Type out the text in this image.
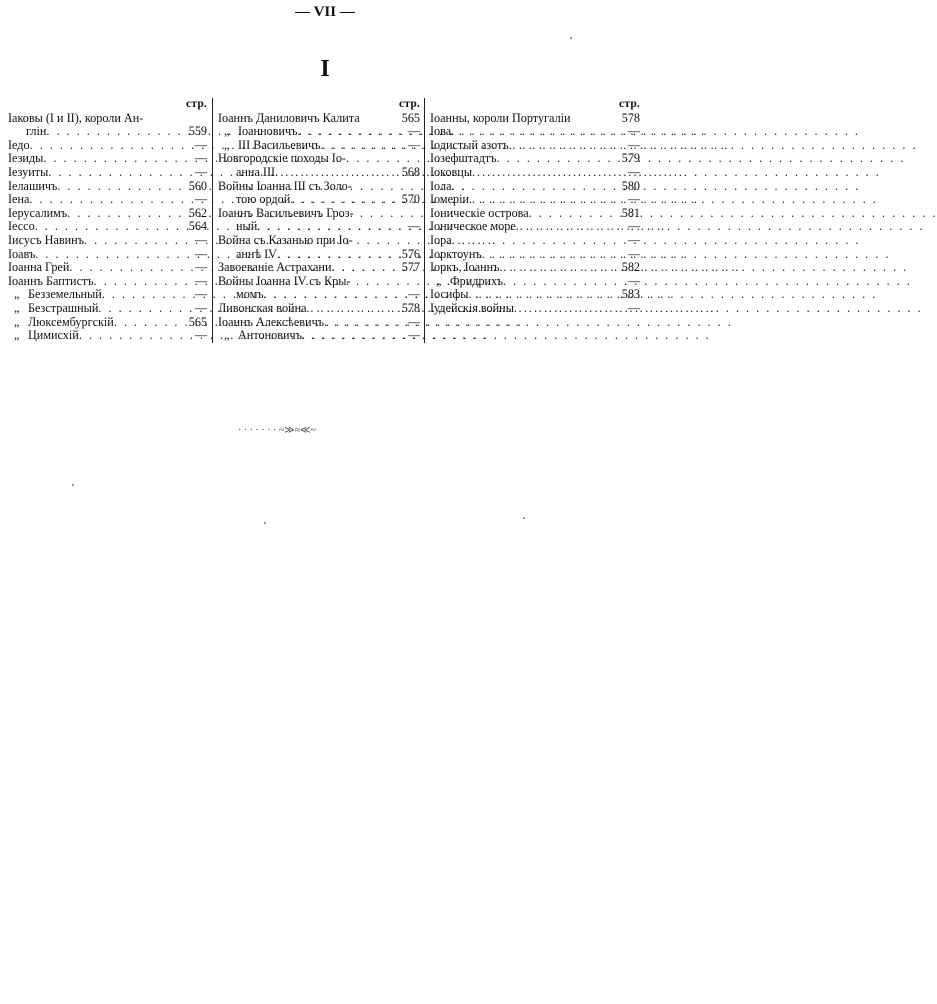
— VII —
I
стр.
Іаковы (I и II), короли Ан-
глін . . .	559
Іедо . . .	—
Іезиды . . .	—
Іезуиты . . .	—
Іелашичъ . . .	560
Іена . . .	—
Іерусалимъ . . .	562
Іессо . . .	564
Іисусъ Навинъ . . .	—
Іоавъ . . .	—
Іоанна Грей . . .	—
Іоаннъ Баптистъ . . .	—
„ Безземельный . . .	—
„ Безстрашный . . .	—
„ Люксембургскій . . .	565
„ Цимисхій . . .	—
стр.
Іоаннъ Даниловичъ Калита	565
„ Іоанновичъ . . .	—
„ III Васильевичъ . . .	—
Новгородскіе походы Іо-
анна III . . .	568
Войны Іоанна III съ Золо-
тою ордой . . .	570
Іоаннъ Васильевичъ Гроз-
ный . . .	—
Война съ Казанью при Іо-
аннѣ IV . . .	576
Завоеваніе Астрахани . . .	577
Войны Іоанна IV съ Кры-
момъ . . .	—
Ливонская война . . .	578
Іоаннъ Алексѣевичъ . . .	—
„ Антоновичъ . . .	—
стр.
Іоанны, короли Португаліи	578
Іова . . .	—
Іодистый азотъ . . .	—
Іозефштадтъ . . .	579
Іоковцы . . .	—
Іола . . .	580
Іомеріи . . .	—
Іоническіе острова . . .	581
Іоническое море . . .	—
Іора . . .	—
Іорктоунъ . . .	—
Іоркъ, Іоаннъ . . .	582
„ Фридрихъ . . .	—
Іосифы . . .	583
Іудейскія войны . . .	—
· · · · · · · ~≫≈≪~
